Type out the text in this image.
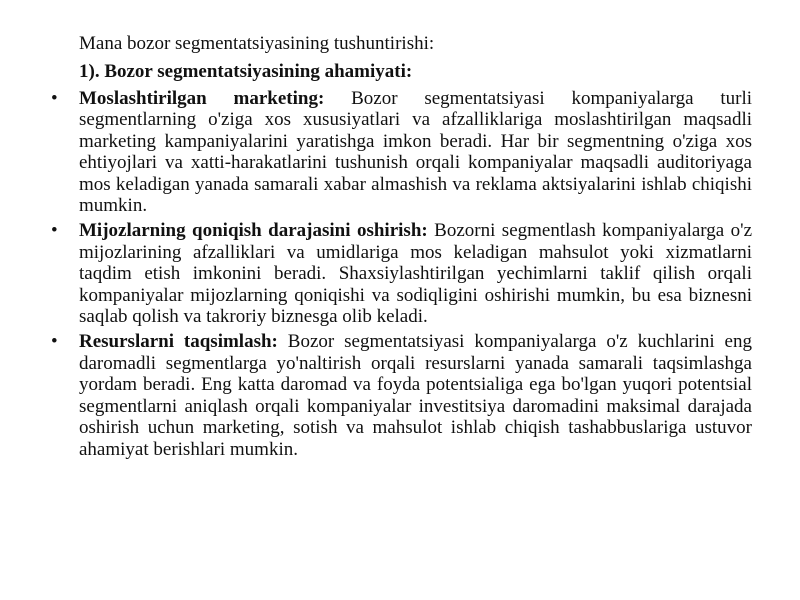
Mana bozor segmentatsiyasining tushuntirishi:

1). Bozor segmentatsiyasining ahamiyati:

• Moslashtirilgan marketing: Bozor segmentatsiyasi kompaniyalarga turli segmentlarning o'ziga xos xususiyatlari va afzalliklariga moslashtirilgan maqsadli marketing kampaniyalarini yaratishga imkon beradi. Har bir segmentning o'ziga xos ehtiyojlari va xatti-harakatlarini tushunish orqali kompaniyalar maqsadli auditoriyaga mos keladigan yanada samarali xabar almashish va reklama aktsiyalarini ishlab chiqishi mumkin.
• Mijozlarning qoniqish darajasini oshirish: Bozorni segmentlash kompaniyalarga o'z mijozlarining afzalliklari va umidlariga mos keladigan mahsulot yoki xizmatlarni taqdim etish imkonini beradi. Shaxsiylashtirilgan yechimlarni taklif qilish orqali kompaniyalar mijozlarning qoniqishi va sodiqligini oshirishi mumkin, bu esa biznesni saqlab qolish va takroriy biznesga olib keladi.
• Resurslarni taqsimlash: Bozor segmentatsiyasi kompaniyalarga o'z kuchlarini eng daromadli segmentlarga yo'naltirish orqali resurslarni yanada samarali taqsimlashga yordam beradi. Eng katta daromad va foyda potentsialiga ega bo'lgan yuqori potentsial segmentlarni aniqlash orqali kompaniyalar investitsiya daromadini maksimal darajada oshirish uchun marketing, sotish va mahsulot ishlab chiqish tashabbuslariga ustuvor ahamiyat berishlari mumkin.
